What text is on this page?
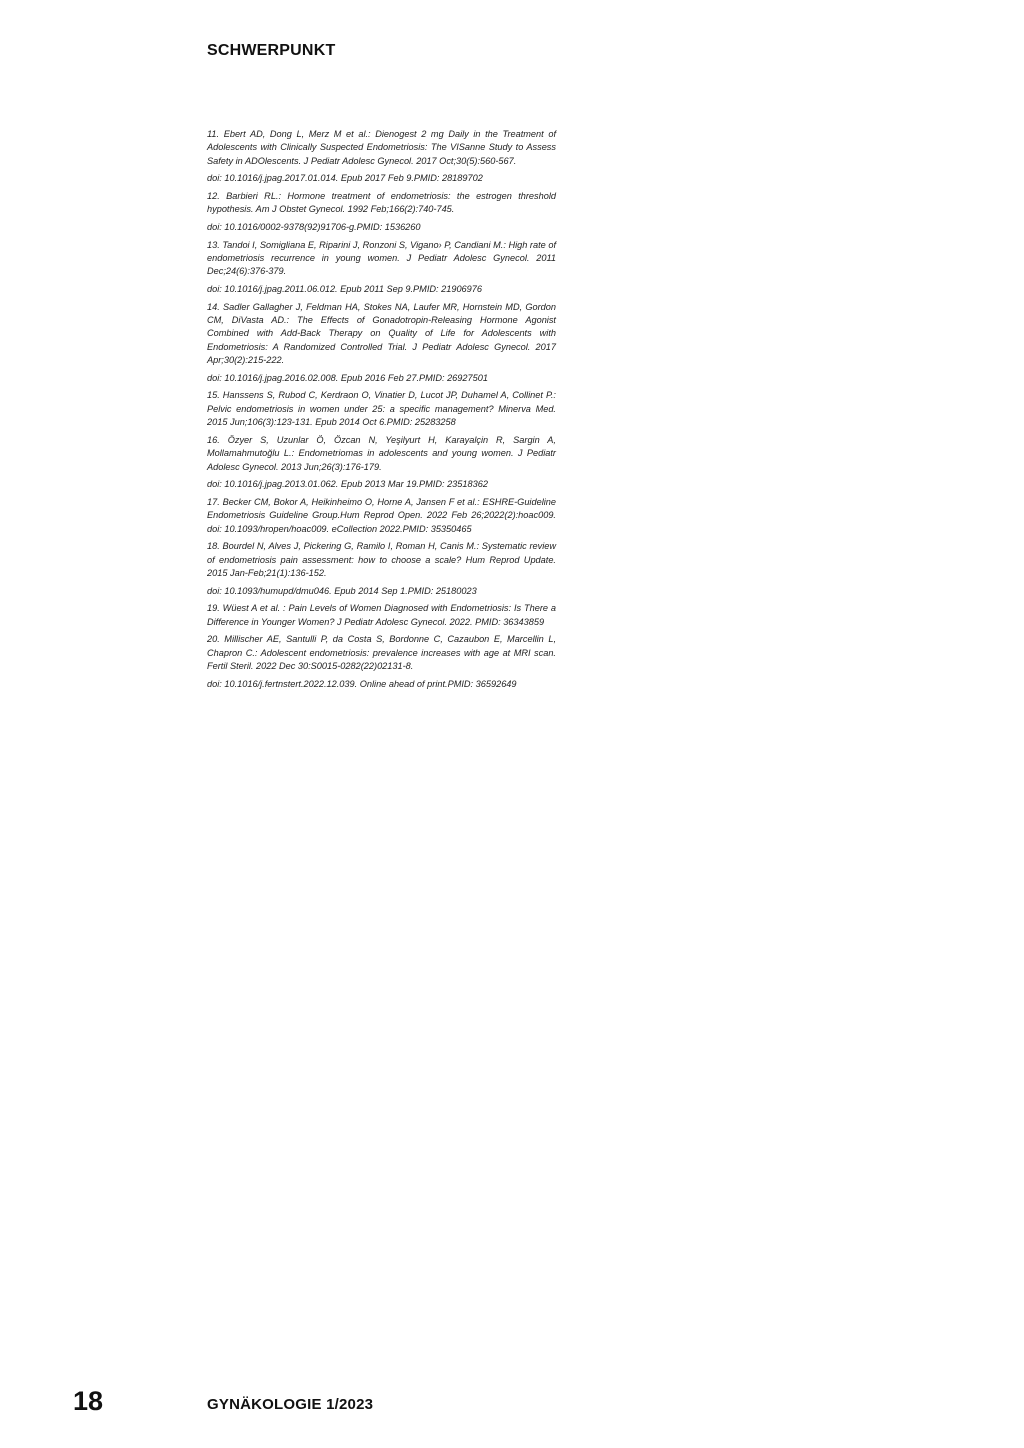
SCHWERPUNKT

11. Ebert AD, Dong L, Merz M et al.: Dienogest 2 mg Daily in the Treatment of Adolescents with Clinically Suspected Endometriosis: The VISanne Study to Assess Safety in ADOlescents. J Pediatr Adolesc Gynecol. 2017 Oct;30(5):560-567.

doi: 10.1016/j.jpag.2017.01.014. Epub 2017 Feb 9.PMID: 28189702

12. Barbieri RL.: Hormone treatment of endometriosis: the estrogen threshold hypothesis. Am J Obstet Gynecol. 1992 Feb;166(2):740-745.

doi: 10.1016/0002-9378(92)91706-g.PMID: 1536260

13. Tandoi I, Somigliana E, Riparini J, Ronzoni S, Vigano› P, Candiani M.: High rate of endometriosis recurrence in young women. J Pediatr Adolesc Gynecol. 2011 Dec;24(6):376-379.

doi: 10.1016/j.jpag.2011.06.012. Epub 2011 Sep 9.PMID: 21906976

14. Sadler Gallagher J, Feldman HA, Stokes NA, Laufer MR, Hornstein MD, Gordon CM, DiVasta AD.: The Effects of Gonadotropin-Releasing Hormone Agonist Combined with Add-Back Therapy on Quality of Life for Adolescents with Endometriosis: A Randomized Controlled Trial. J Pediatr Adolesc Gynecol. 2017 Apr;30(2):215-222.

doi: 10.1016/j.jpag.2016.02.008. Epub 2016 Feb 27.PMID: 26927501

15. Hanssens S, Rubod C, Kerdraon O, Vinatier D, Lucot JP, Duhamel A, Collinet P.: Pelvic endometriosis in women under 25: a specific management? Minerva Med. 2015 Jun;106(3):123-131. Epub 2014 Oct 6.PMID: 25283258

16. Özyer S, Uzunlar Ö, Özcan N, Yeşilyurt H, Karayalçin R, Sargin A, Mollamahmutoğlu L.: Endometriomas in adolescents and young women. J Pediatr Adolesc Gynecol. 2013 Jun;26(3):176-179.

doi: 10.1016/j.jpag.2013.01.062. Epub 2013 Mar 19.PMID: 23518362

17. Becker CM, Bokor A, Heikinheimo O, Horne A, Jansen F et al.: ESHRE-Guideline Endometriosis Guideline Group.Hum Reprod Open. 2022 Feb 26;2022(2):hoac009. doi: 10.1093/hropen/hoac009. eCollection 2022.PMID: 35350465

18. Bourdel N, Alves J, Pickering G, Ramilo I, Roman H, Canis M.: Systematic review of endometriosis pain assessment: how to choose a scale? Hum Reprod Update. 2015 Jan-Feb;21(1):136-152.

doi: 10.1093/humupd/dmu046. Epub 2014 Sep 1.PMID: 25180023

19. Wüest A et al. : Pain Levels of Women Diagnosed with Endometriosis: Is There a Difference in Younger Women? J Pediatr Adolesc Gynecol. 2022. PMID: 36343859

20. Millischer AE, Santulli P, da Costa S, Bordonne C, Cazaubon E, Marcellin L, Chapron C.: Adolescent endometriosis: prevalence increases with age at MRI scan. Fertil Steril. 2022 Dec 30:S0015-0282(22)02131-8.

doi: 10.1016/j.fertnstert.2022.12.039. Online ahead of print.PMID: 36592649

18	GYNÄKOLOGIE 1/2023
